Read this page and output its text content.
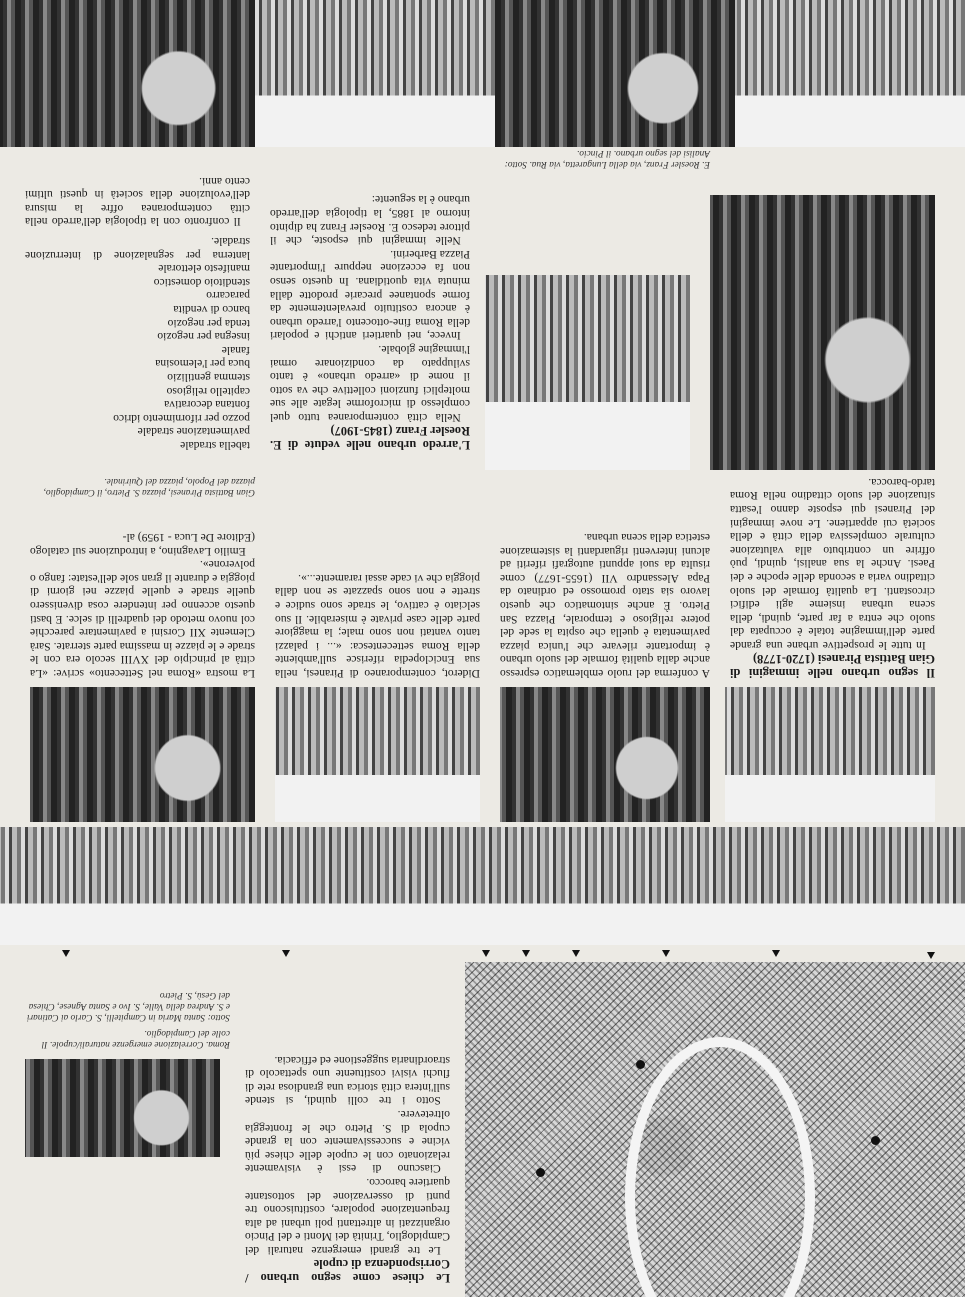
Le chiese come segno urbano / Corrispondenza di cupole

Le tre grandi emergenze naturali del Campidoglio, Trinità dei Monti e del Pincio organizzati in altrettanti poli urbani ad alta frequentazione popolare, costituiscono tre punti di osservazione del sottostante quartiere barocco.

Ciascuno di essi è visivamente relazionato con le cupole delle chiese più vicine e successivamente con la grande cupola di S. Pietro che le fronteggia oltretevere.

Sotto i tre colli quindi, si stende sull'intera città storica una grandiosa rete di fluchi visivi costituente uno spettacolo di straordinaria suggestione ed efficacia.

Roma. Correlazione emergenze naturali/cupole. Il colle del Campidoglio.
Sotto: Santa Maria in Campitelli, S. Carlo ai Catinari e S. Andrea della Valle, S. Ivo e Santa Agnese, Chiesa del Gesù, S. Pietro

Il segno urbano nelle immagini di Gian Battista Piranesi (1720-1778)

In tutte le prospettive urbane una grande parte dell'immagine totale è occupata dal suolo che entra a far parte, quindi, della scena urbana insieme agli edifici circostanti. La qualità formale del suolo cittadino varia a seconda delle epoche e dei Paesi. Anche la sua analisi, quindi, può offrire un contributo alla valutazione culturale complessiva della città e della società cui appartiene. Le nove immagini del Piranesi qui esposte danno l'esatta situazione del suolo cittadino nella Roma tardo-barocca.

A conferma del ruolo emblematico espresso anche dalla qualità formale del suolo urbano è importante rilevare che l'unica piazza pavimentata è quella che ospita la sede del potere religioso e temporale, Piazza San Pietro. È anche sintomatico che questo lavoro sia stato promosso ed ordinato da Papa Alessandro VII (1655-1677) come risulta da suoi appunti autografi riferiti ad alcuni interventi riguardanti la sistemazione estetica della scena urbana.

Diderot, contemporaneo di Piranesi, nella sua Enciclopedia riferisce sull'ambiente della Roma settecentesca: «... i palazzi tanto vantati non sono male; la maggiore parte delle case private è miserabile. Il suo selciato è cattivo, le strade sono sudice e strette e non sono spazzate se non dalla pioggia che vi cade assai raramente...».

La mostra «Roma nel Settecento» scrive: «La città al principio del XVIII secolo era con le strade e le piazze in massima parte sterrate. Sarà Clemente XII Corsini a pavimentare parecchie col nuovo metodo dei quadrelli di selce. E basti questo accenno per intendere cosa divenissero quelle strade e quelle piazze nei giorni di pioggia e durante il gran sole dell'estate: fango o polverone».

Emilio Lavagnino, a introduzione sul catalogo (Editore De Luca - 1959) al-

Gian Battista Piranesi, piazza S. Pietro, il Campidoglio, piazza del Popolo, piazza del Quirinale.
E. Roesler Franz, via della Lungaretta, via Rua. Sotto: Analisi del segno urbano. il Pincio.

L'arredo urbano nelle vedute di E. Roesler Franz (1845-1907)

Nella città contemporanea tutto quel complesso di microforme legate alle sue molteplici funzioni collettive che va sotto il nome di «arredo urbano» è tanto sviluppato da condizionare ormai l'immagine globale.

Invece, nei quartieri antichi e popolari della Roma fine-ottocento l'arredo urbano è ancora costituito prevalentemente da forme spontanee precarie prodotte dalla minuta vita quotidiana. In questo senso non fa eccezione neppure l'importante Piazza Barberini.

Nelle immagini qui esposte, che il pittore tedesco E. Roesler Franz ha dipinto intorno al 1885, la tipologia dell'arredo urbano è la seguente:

tabella stradale
pavimentazione stradale
pozzo per rifornimento idrico
fontana decorativa
capitello religioso
stemma gentilizio
buca per l'elemosina
fanale
insegna per negozio
tenda per negozio
banco di vendita
paracarro
stenditoio domestico
manifesto elettorale
lanterna per segnalazione di interruzione stradale.

Il confronto con la tipologia dell'arredo nella città contemporanea offre la misura dell'evoluzione della società in questi ultimi cento anni.
